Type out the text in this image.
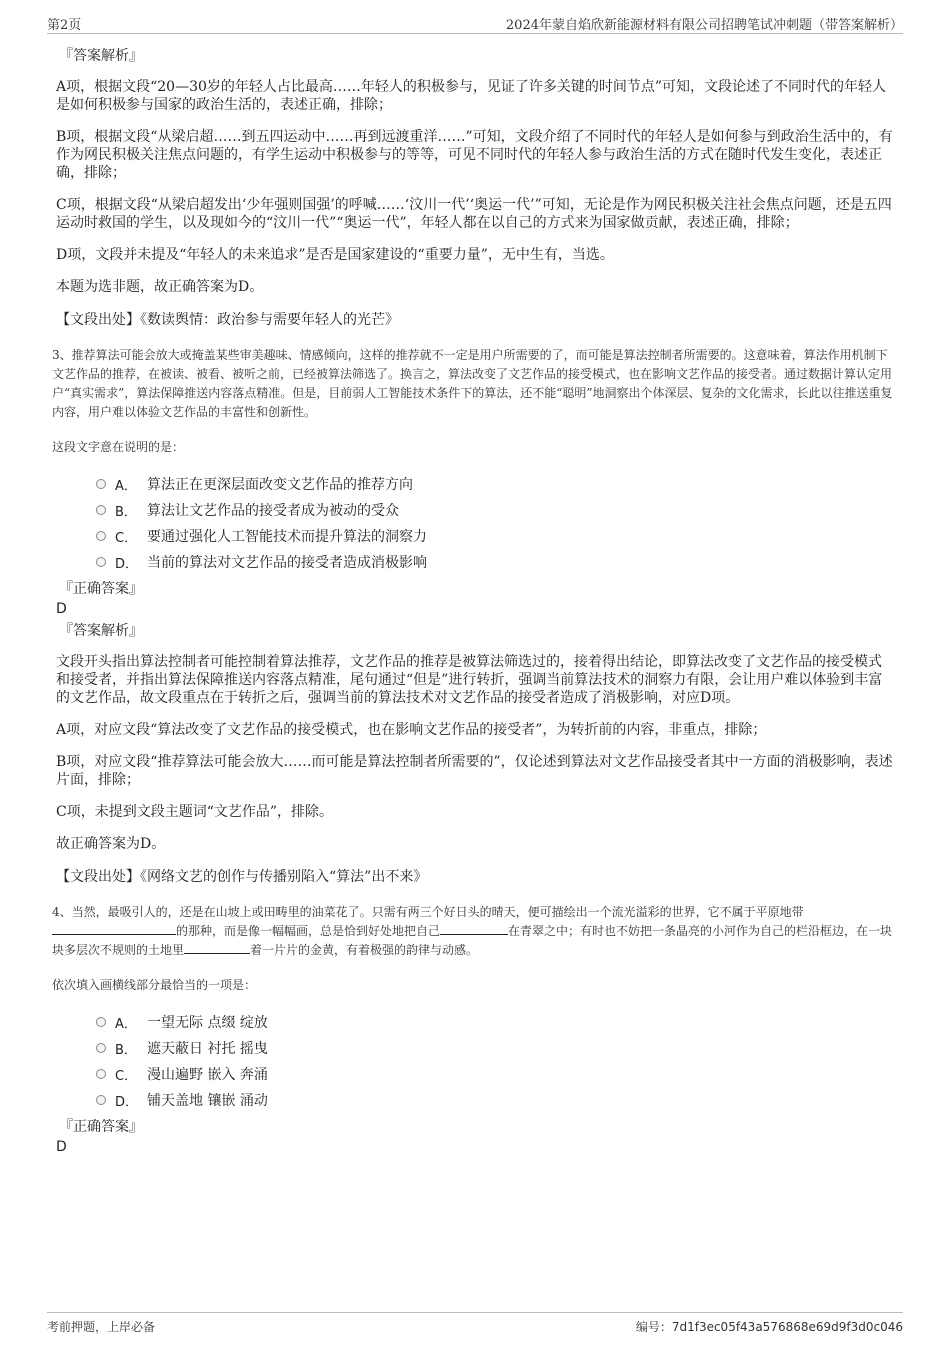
第2页	2024年蒙自焰欣新能源材料有限公司招聘笔试冲刺题（带答案解析）
『答案解析』

A项，根据文段“20—30岁的年轻人占比最高……年轻人的积极参与，见证了许多关键的时间节点”可知，文段论述了不同时代的年轻人是如何积极参与国家的政治生活的，表述正确，排除；

B项，根据文段“从梁启超……到五四运动中……再到远渡重洋……”可知，文段介绍了不同时代的年轻人是如何参与到政治生活中的，有作为网民积极关注焦点问题的，有学生运动中积极参与的等等，可见不同时代的年轻人参与政治生活的方式在随时代发生变化，表述正确，排除；

C项，根据文段“从梁启超发出‘少年强则国强’的呼喊……‘汶川一代’‘奥运一代’”可知，无论是作为网民积极关注社会焦点问题，还是五四运动时救国的学生，以及现如今的“汶川一代”“奥运一代”，年轻人都在以自己的方式来为国家做贡献，表述正确，排除；

D项，文段并未提及“年轻人的未来追求”是否是国家建设的“重要力量”，无中生有，当选。

本题为选非题，故正确答案为D。

【文段出处】《数读舆情：政治参与需要年轻人的光芒》

3、推荐算法可能会放大或掩盖某些审美趣味、情感倾向，这样的推荐就不一定是用户所需要的了，而可能是算法控制者所需要的。这意味着，算法作用机制下文艺作品的推荐，在被读、被看、被听之前，已经被算法筛选了。换言之，算法改变了文艺作品的接受模式，也在影响文艺作品的接受者。通过数据计算认定用户“真实需求”，算法保障推送内容落点精准。但是，目前弱人工智能技术条件下的算法，还不能“聪明”地洞察出个体深层、复杂的文化需求，长此以往推送重复内容，用户难以体验文艺作品的丰富性和创新性。

这段文字意在说明的是：

A． 算法正在更深层面改变文艺作品的推荐方向
B． 算法让文艺作品的接受者成为被动的受众
C． 要通过强化人工智能技术而提升算法的洞察力
D． 当前的算法对文艺作品的接受者造成消极影响
『正确答案』
D
『答案解析』

文段开头指出算法控制者可能控制着算法推荐，文艺作品的推荐是被算法筛选过的，接着得出结论，即算法改变了文艺作品的接受模式和接受者，并指出算法保障推送内容落点精准，尾句通过“但是”进行转折，强调当前算法技术的洞察力有限，会让用户难以体验到丰富的文艺作品，故文段重点在于转折之后，强调当前的算法技术对文艺作品的接受者造成了消极影响，对应D项。

A项，对应文段“算法改变了文艺作品的接受模式，也在影响文艺作品的接受者”，为转折前的内容，非重点，排除；

B项，对应文段“推荐算法可能会放大……而可能是算法控制者所需要的”，仅论述到算法对文艺作品接受者其中一方面的消极影响，表述片面，排除；

C项，未提到文段主题词“文艺作品”，排除。

故正确答案为D。

【文段出处】《网络文艺的创作与传播别陷入“算法”出不来》

4、当然，最吸引人的，还是在山坡上或田畴里的油菜花了。只需有两三个好日头的晴天，便可描绘出一个流光溢彩的世界，它不属于平原地带的那种，而是像一幅幅画，总是恰到好处地把自己	在青翠之中；有时也不妨把一条晶亮的小河作为自己的栏沿框边，在一块块多层次不规则的土地里	着一片片的金黄，有着极强的韵律与动感。

依次填入画横线部分最恰当的一项是：

A． 一望无际 点缀 绽放
B． 遮天蔽日 衬托 摇曳
C． 漫山遍野 嵌入 奔涌
D． 铺天盖地 镶嵌 涌动
『正确答案』
D
考前押题，上岸必备	编号：7d1f3ec05f43a576868e69d9f3d0c046
